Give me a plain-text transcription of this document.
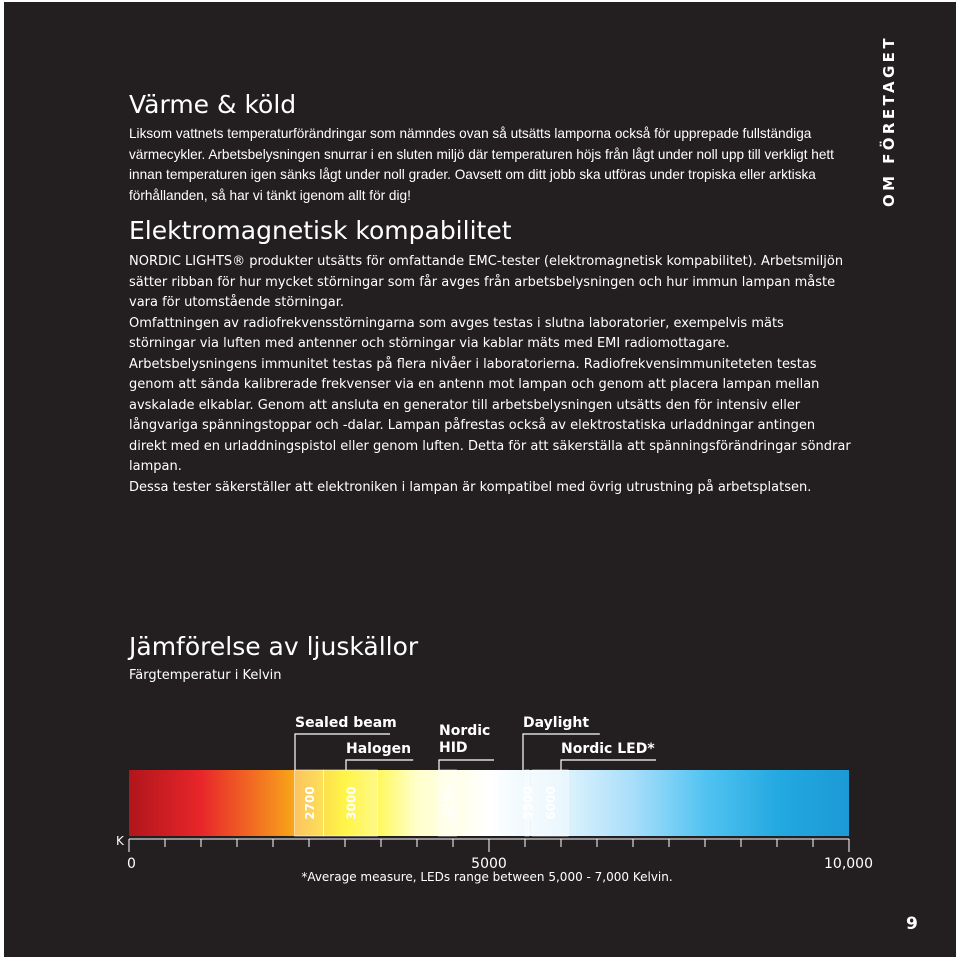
OM FÖRETAGET
Värme & köld

Liksom vattnets temperaturförändringar som nämndes ovan så utsätts lamporna också för upprepade fullständiga värmecykler. Arbetsbelysningen snurrar i en sluten miljö där temperaturen höjs från lågt under noll upp till verkligt hett innan temperaturen igen sänks lågt under noll grader. Oavsett om ditt jobb ska utföras under tropiska eller arktiska förhållanden, så har vi tänkt igenom allt för dig!

Elektromagnetisk kompabilitet

NORDIC LIGHTS® produkter utsätts för omfattande EMC-tester (elektromagnetisk kompabilitet). Arbetsmiljön sätter ribban för hur mycket störningar som får avges från arbetsbelysningen och hur immun lampan måste vara för utomstående störningar.

Omfattningen av radiofrekvensstörningarna som avges testas i slutna laboratorier, exempelvis mäts störningar via luften med antenner och störningar via kablar mäts med EMI radiomottagare.

Arbetsbelysningens immunitet testas på flera nivåer i laboratorierna. Radiofrekvensimmuniteteten testas genom att sända kalibrerade frekvenser via en antenn mot lampan och genom att placera lampan mellan avskalade elkablar. Genom att ansluta en generator till arbetsbelysningen utsätts den för intensiv eller långvariga spänningstoppar och -dalar. Lampan påfrestas också av elektrostatiska urladdningar antingen direkt med en urladdningspistol eller genom luften. Detta för att säkerställa att spänningsförändringar söndrar lampan.

Dessa tester säkerställer att elektroniken i lampan är kompatibel med övrig utrustning på arbetsplatsen.

Jämförelse av ljuskällor

Färgtemperatur i Kelvin

2700 3000	4250	5500 6000
Sealed beam
Halogen
Nordic
HID
Daylight
Nordic LED*
K
0	5000	10,000
*Average measure, LEDs range between 5,000 - 7,000 Kelvin.
9
